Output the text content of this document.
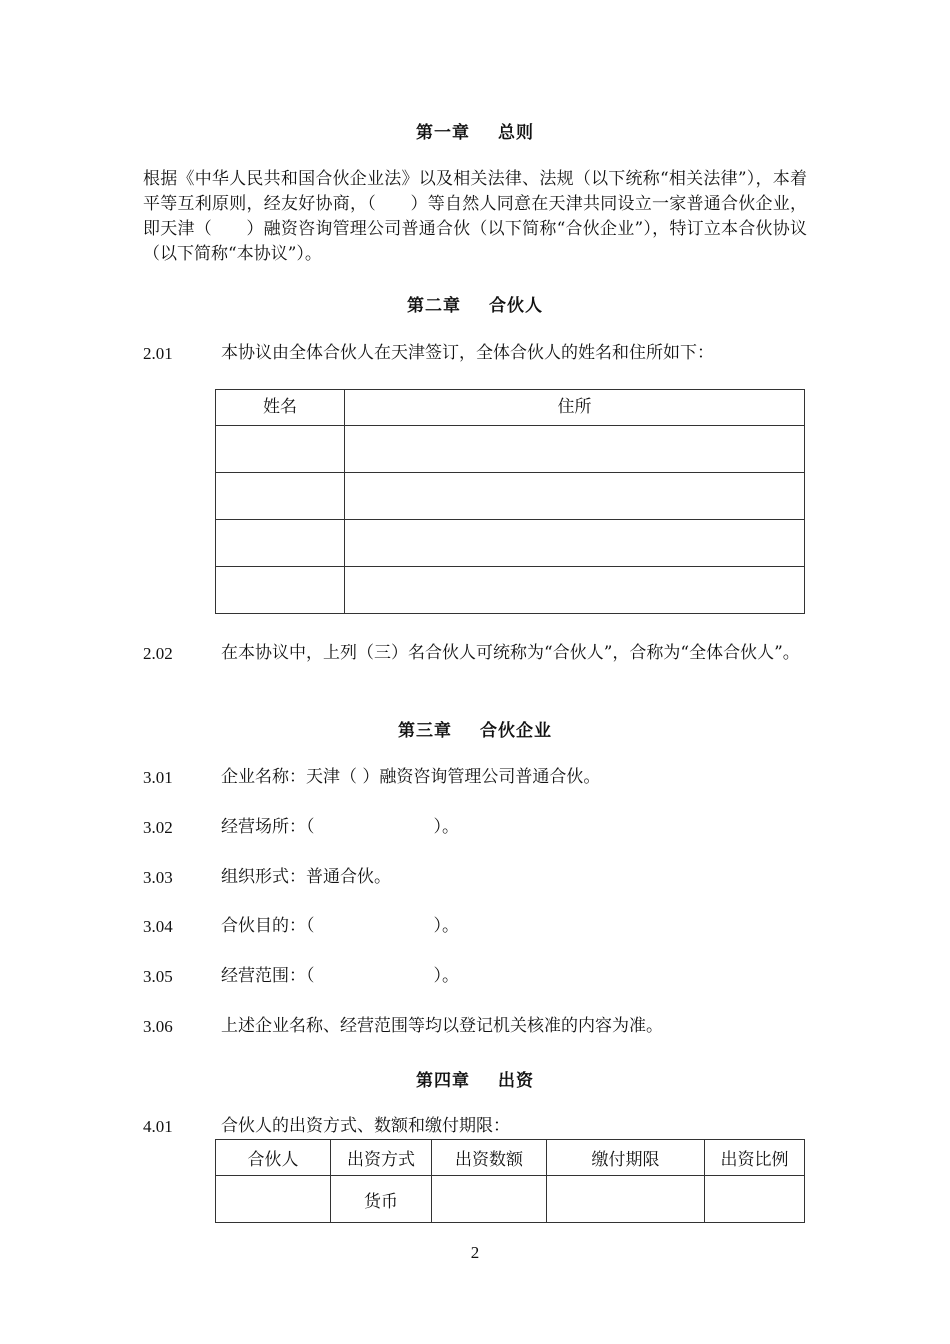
第一章 总则
根据《中华人民共和国合伙企业法》以及相关法律、法规（以下统称“相关法律”），本着平等互利原则，经友好协商，（　　）等自然人同意在天津共同设立一家普通合伙企业，即天津（　　）融资咨询管理公司普通合伙（以下简称“合伙企业”），特订立本合伙协议（以下简称“本协议”）。
第二章 合伙人
2.01	本协议由全体合伙人在天津签订，全体合伙人的姓名和住所如下：
姓名	住所

2.02	在本协议中，上列（三）名合伙人可统称为“合伙人”，合称为“全体合伙人”。
第三章 合伙企业
3.01	企业名称：天津（ ）融资咨询管理公司普通合伙。
3.02	经营场所：（　　　　　　　）。
3.03	组织形式：普通合伙。
3.04	合伙目的：（　　　　　　　）。
3.05	经营范围：（　　　　　　　）。
3.06	上述企业名称、经营范围等均以登记机关核准的内容为准。
第四章 出资
4.01	合伙人的出资方式、数额和缴付期限：
合伙人	出资方式	出资数额	缴付期限	出资比例
	货币			
2
